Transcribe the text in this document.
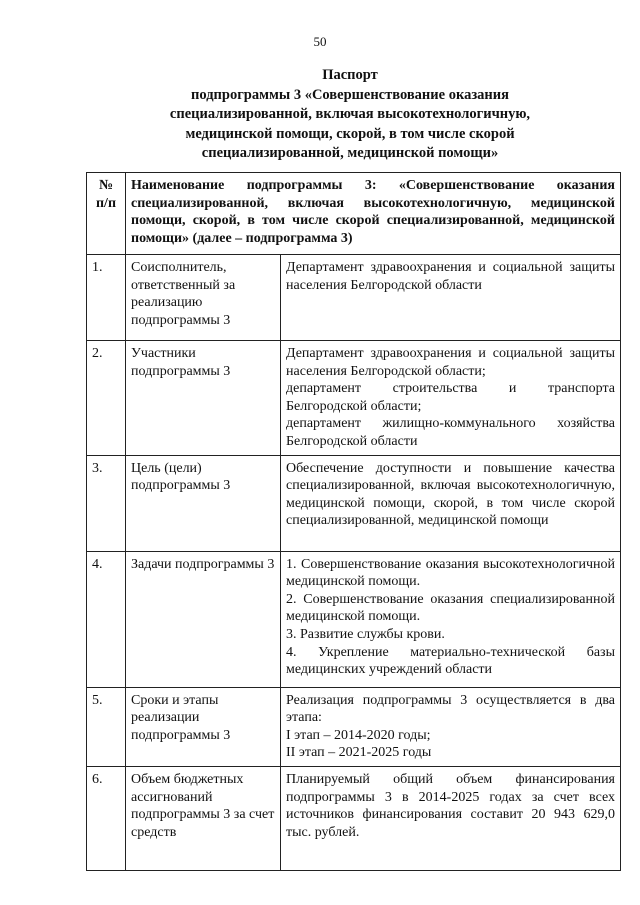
50
Паспорт
подпрограммы 3 «Совершенствование оказания
специализированной, включая высокотехнологичную,
медицинской помощи, скорой, в том числе скорой
специализированной, медицинской помощи»
№ п/п	Наименование подпрограммы 3: «Совершенствование оказания специализированной, включая высокотехнологичную, медицинской помощи, скорой, в том числе скорой специализированной, медицинской помощи» (далее – подпрограмма 3)	
1.	Соисполнитель, ответственный за реализацию подпрограммы 3	Департамент здравоохранения и социальной защиты населения Белгородской области

2.	Участники подпрограммы 3	Департамент здравоохранения и социальной защиты населения Белгородской области;
департамент строительства и транспорта Белгородской области;
департамент жилищно-коммунального хозяйства Белгородской области

3.	Цель (цели) подпрограммы 3	Обеспечение доступности и повышение качества специализированной, включая высокотехнологичную, медицинской помощи, скорой, в том числе скорой специализированной, медицинской помощи

4.	Задачи подпрограммы 3	1. Совершенствование оказания высокотехнологичной медицинской помощи.
2. Совершенствование оказания специализированной медицинской помощи.
3. Развитие службы крови.
4. Укрепление материально-технической базы медицинских учреждений области

5.	Сроки и этапы реализации подпрограммы 3	Реализация подпрограммы 3 осуществляется в два этапа:
I этап – 2014-2020 годы;
II этап – 2021-2025 годы

6.	Объем бюджетных ассигнований подпрограммы 3 за счет средств	Планируемый общий объем финансирования подпрограммы 3 в 2014-2025 годах за счет всех источников финансирования составит 20 943 629,0 тыс. рублей.
